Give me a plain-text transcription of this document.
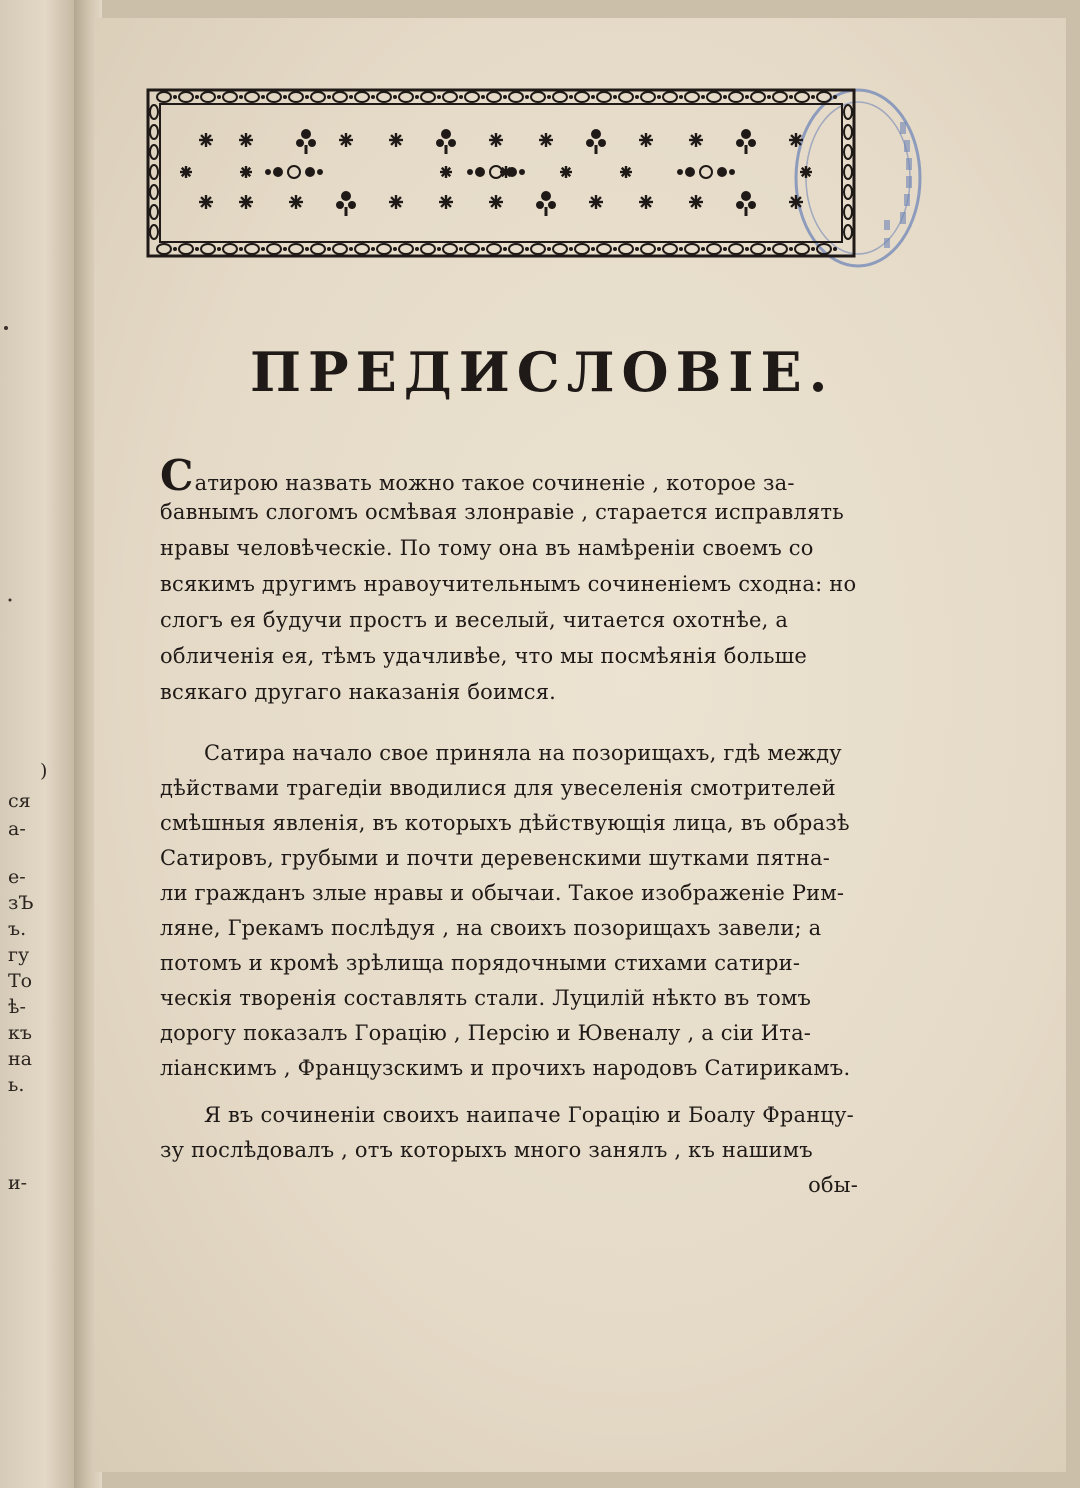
)

ся

а-

е-

зЪ

ъ.

гу

То

ѣ-

къ

на

ь.

и-

ПРЕДИСЛОВІЕ.
Сатирою назвать можно такое сочиненіе , которое за-
бавнымъ слогомъ осмѣвая злонравіе , старается исправлять
нравы человѣческіе. По тому она въ намѣреніи своемъ со
всякимъ другимъ нравоучительнымъ сочиненіемъ сходна: но
слогъ ея будучи простъ и веселый, читается охотнѣе, а
обличенія ея, тѣмъ удачливѣе, что мы посмѣянія больше
всякаго другаго наказанія боимся.
Сатира начало свое приняла на позорищахъ, гдѣ между
дѣйствами трагедіи вводилися для увеселенія смотрителей
смѣшныя явленія, въ которыхъ дѣйствующія лица, въ образѣ
Сатировъ, грубыми и почти деревенскими шутками пятна-
ли гражданъ злые нравы и обычаи. Такое изображеніе Рим-
ляне, Грекамъ послѣдуя , на своихъ позорищахъ завели; а
потомъ и кромѣ зрѣлища порядочными стихами сатири-
ческія творенія составлять стали. Луцилій нѣкто въ томъ
дорогу показалъ Горацію , Персію и Ювеналу , а сіи Ита-
ліанскимъ , Французскимъ и прочихъ народовъ Сатирикамъ.
Я въ сочиненіи своихъ наипаче Горацію и Боалу Францу-
зу послѣдовалъ , отъ которыхъ много занялъ , къ нашимъ
обы-
